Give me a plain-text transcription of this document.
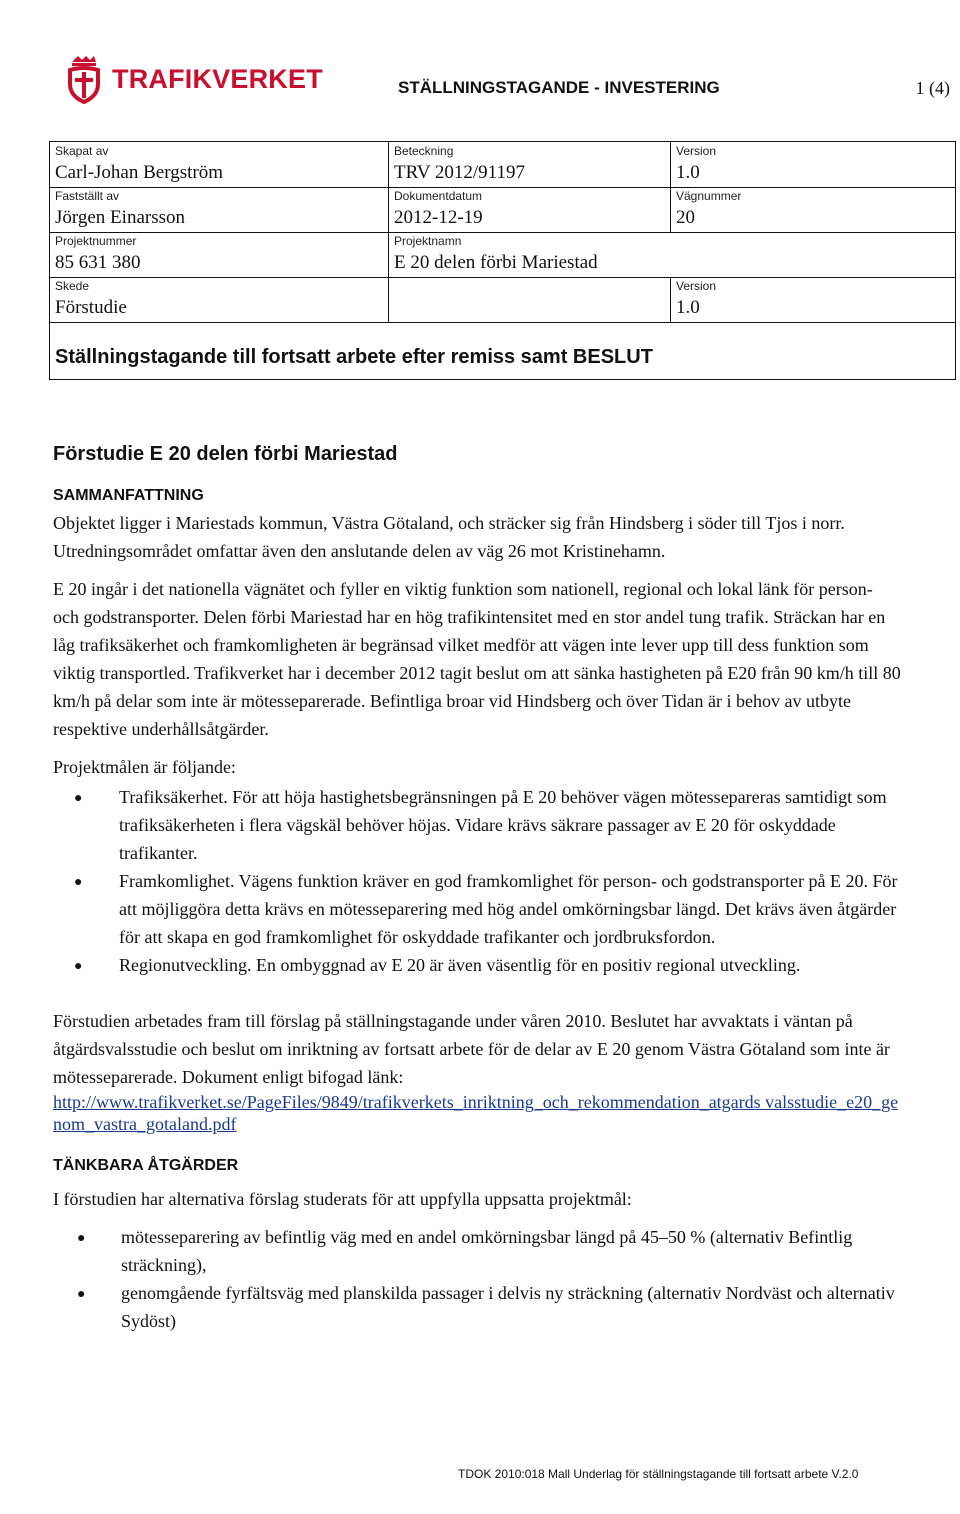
TRAFIKVERKET	STÄLLNINGSTAGANDE - INVESTERING	1 (4)
Skapat av
Carl-Johan Bergström
Beteckning
TRV 2012/91197
Version
1.0
Fastställt av
Jörgen Einarsson
Dokumentdatum
2012-12-19
Vägnummer
20
Projektnummer
85 631 380
Projektnamn
E 20 delen förbi Mariestad
Skede
Förstudie
Version
1.0
Ställningstagande till fortsatt arbete efter remiss samt BESLUT
Förstudie E 20 delen förbi Mariestad
SAMMANFATTNING

Objektet ligger i Mariestads kommun, Västra Götaland, och sträcker sig från Hindsberg i söder till Tjos i norr. Utredningsområdet omfattar även den anslutande delen av väg 26 mot Kristinehamn.

E 20 ingår i det nationella vägnätet och fyller en viktig funktion som nationell, regional och lokal länk för person- och godstransporter. Delen förbi Mariestad har en hög trafikintensitet med en stor andel tung trafik. Sträckan har en låg trafiksäkerhet och framkomligheten är begränsad vilket medför att vägen inte lever upp till dess funktion som viktig transportled. Trafikverket har i december 2012 tagit beslut om att sänka hastigheten på E20 från 90 km/h till 80 km/h på delar som inte är mötesseparerade. Befintliga broar vid Hindsberg och över Tidan är i behov av utbyte respektive underhållsåtgärder.

Projektmålen är följande:

● Trafiksäkerhet. För att höja hastighetsbegränsningen på E 20 behöver vägen mötessepareras samtidigt som trafiksäkerheten i flera vägskäl behöver höjas. Vidare krävs säkrare passager av E 20 för oskyddade trafikanter.
● Framkomlighet. Vägens funktion kräver en god framkomlighet för person- och godstransporter på E 20. För att möjliggöra detta krävs en mötesseparering med hög andel omkörningsbar längd. Det krävs även åtgärder för att skapa en god framkomlighet för oskyddade trafikanter och jordbruksfordon.
● Regionutveckling. En ombyggnad av E 20 är även väsentlig för en positiv regional utveckling.

Förstudien arbetades fram till förslag på ställningstagande under våren 2010. Beslutet har avvaktats i väntan på åtgärdsvalsstudie och beslut om inriktning av fortsatt arbete för de delar av E 20 genom Västra Götaland som inte är mötesseparerade. Dokument enligt bifogad länk:

http://www.trafikverket.se/PageFiles/9849/trafikverkets_inriktning_och_rekommendation_atgards valsstudie_e20_genom_vastra_gotaland.pdf

TÄNKBARA ÅTGÄRDER

I förstudien har alternativa förslag studerats för att uppfylla uppsatta projektmål:

● mötesseparering av befintlig väg med en andel omkörningsbar längd på 45–50 % (alternativ Befintlig sträckning),
● genomgående fyrfältsväg med planskilda passager i delvis ny sträckning (alternativ Nordväst och alternativ Sydöst)
TDOK 2010:018 Mall Underlag för ställningstagande till fortsatt arbete V.2.0
